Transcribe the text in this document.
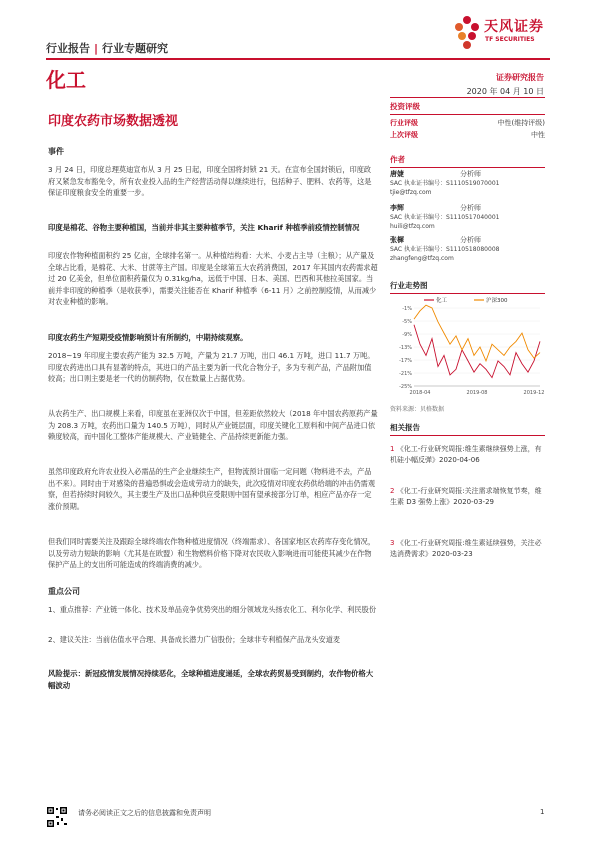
天风证券
TF SECURITIES
行业报告 | 行业专题研究
化工	证券研究报告
2020 年 04 月 10 日
印度农药市场数据透视
事件
3 月 24 日，印度总理莫迪宣布从 3 月 25 日起，印度全国将封锁 21 天。在宣布全国封锁后，印度政府又紧急发布豁免令，所有农业投入品的生产经营活动得以继续进行，包括种子、肥料、农药等，这是保证印度粮食安全的重要一步。
印度是棉花、谷物主要种植国，当前并非其主要种植季节，关注 Kharif 种植季前疫情控制情况
印度农作物种植面积约 25 亿亩，全球排名第一。从种植结构看：大米、小麦占主导（主粮）；从产量及全球占比看，是棉花、大米、甘蔗等主产国。印度是全球第五大农药消费国，2017 年其国内农药需求超过 20 亿美金，但单位面积药量仅为 0.31kg/ha，远低于中国、日本、美国、巴西和其他拉美国家。当前并非印度的种植季（是收获季），需要关注能否在 Kharif 种植季（6-11 月）之前控制疫情，从而减少对农业种植的影响。
印度农药生产短期受疫情影响预计有所制约，中期持续观察。
2018~19 年印度主要农药产能为 32.5 万吨，产量为 21.7 万吨，出口 46.1 万吨，进口 11.7 万吨。印度农药进出口具有显著的特点，其进口的产品主要为新一代化合物分子，多为专利产品，产品附加值较高；出口则主要是老一代的仿制药物，仅在数量上占据优势。
从农药生产、出口规模上来看，印度虽在亚洲仅次于中国，但差距依然较大（2018 年中国农药原药产量为 208.3 万吨，农药出口量为 140.5 万吨），同时从产业链层面，印度关键化工原料和中间产品进口依赖度较高，而中国化工整体产能规模大、产业链健全、产品持续更新能力强。
虽然印度政府允许农业投入必需品的生产企业继续生产，但物流预计面临一定问题（物料进不去，产品出不来）。同时由于对感染的普遍恐惧或会造成劳动力的缺失，此次疫情对印度农药供给端的冲击仍需观察，但若持续时间较久，其主要生产及出口品种供应受限则中国有望承接部分订单，相应产品亦存一定涨价预期。
但我们同时需要关注及跟踪全球终端农作物种植进度情况（终端需求）、各国家地区农药库存变化情况，以及劳动力短缺的影响（尤其是在欧盟）和生物燃料价格下降对农民收入影响进而可能使其减少在作物保护产品上的支出所可能造成的终端消费的减少。
重点公司
1、重点推荐：产业链一体化、技术及单品竞争优势突出的细分领域龙头扬农化工、利尔化学、利民股份
2、建议关注：当前估值水平合理、具备成长潜力广信股份；全球非专利植保产品龙头安道麦
风险提示：新冠疫情发展情况持续恶化，全球种植进度递延，全球农药贸易受到制约，农作物价格大幅波动
投资评级
行业评级	中性(维持评级)
上次评级	中性
作者
唐婕	分析师
SAC 执业证书编号：S1110519070001
tjie@tfzq.com
李辉	分析师
SAC 执业证书编号：S1110517040001
huili@tfzq.com
张樨	分析师
SAC 执业证书编号：S1110518080008
zhangfeng@tfzq.com
行业走势图
-1%
-5%
-9%
-13%
-17%
-21%
-25%
2018-04	2019-08	2019-12
化工	沪深300
资料来源：贝格数据
相关报告
1 《化工-行业研究周报:维生素继续强势上涨，有机硅小幅反弹》2020-04-06
2 《化工-行业研究周报:关注需求端恢复节奏，维生素 D3 强势上涨》2020-03-29
3 《化工-行业研究周报:维生素延续强势，关注必选消费需求》2020-03-23
请务必阅读正文之后的信息披露和免责声明	1
